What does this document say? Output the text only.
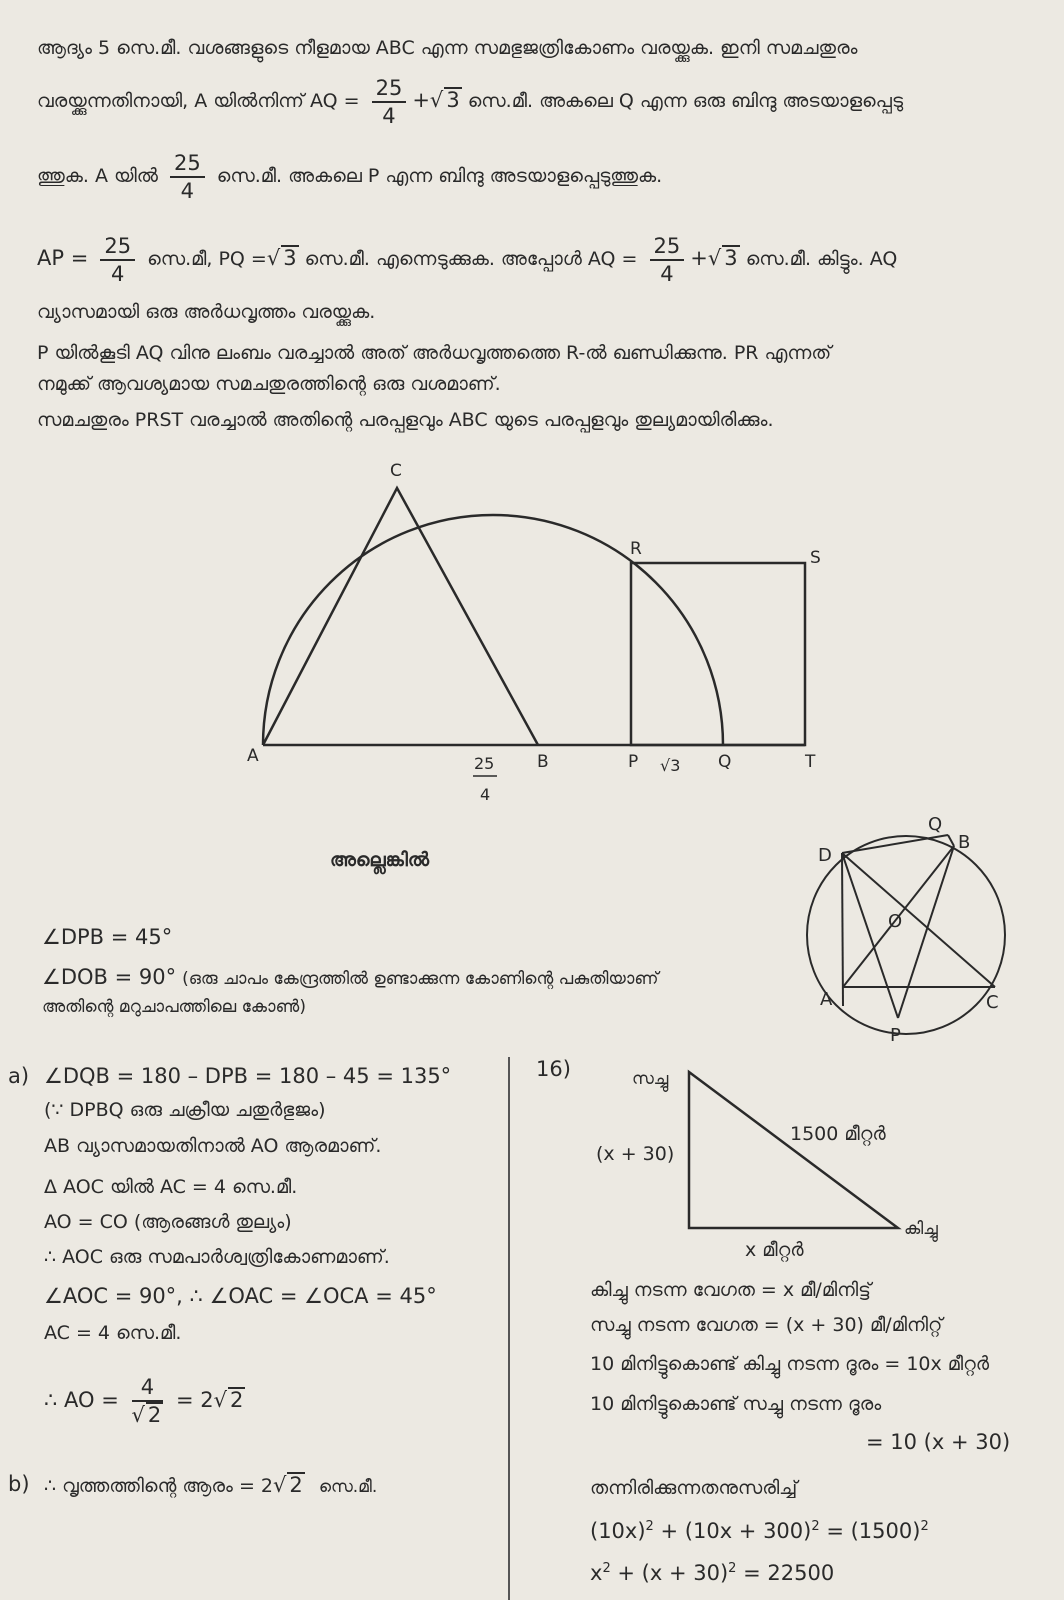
ആദ്യം 5 സെ.മീ. വശങ്ങളുടെ നീളമായ ABC എന്ന സമഭുജത്രികോണം വരയ്ക്കുക. ഇനി സമചതുരം
വരയ്ക്കുന്നതിനായി, A യിൽനിന്ന് AQ = $\frac{25}{4}$ +√ 3 സെ.മീ. അകലെ Q എന്ന ഒരു ബിന്ദു അടയാളപ്പെടു
ത്തുക. A യിൽ $\frac{25}{4}$ സെ.മീ. അകലെ P എന്ന ബിന്ദു അടയാളപ്പെടുത്തുക.
AP = $\frac{25}{4}$ സെ.മീ, PQ =√ 3 സെ.മീ. എന്നെടുക്കുക. അപ്പോൾ AQ = $\frac{25}{4}$ +√ 3 സെ.മീ. കിട്ടും. AQ
വ്യാസമായി ഒരു അർധവൃത്തം വരയ്ക്കുക.
P യിൽകൂടി AQ വിനു ലംബം വരച്ചാൽ അത് അർധവൃത്തത്തെ R-ൽ ഖണ്ഡിക്കുന്നു. PR എന്നത്
നമുക്ക് ആവശ്യമായ സമചതുരത്തിന്റെ ഒരു വശമാണ്.
സമചതുരം PRST വരച്ചാൽ അതിന്റെ പരപ്പളവും ABC യുടെ പരപ്പളവും തുല്യമായിരിക്കും.
C
A	B
R	S
P	Q	T
√3
25
4
അല്ലെങ്കിൽ
∠DPB = 45°
∠DOB = 90° (ഒരു ചാപം കേന്ദ്രത്തിൽ ഉണ്ടാക്കുന്ന കോണിന്റെ പകുതിയാണ്
അതിന്റെ മറുചാപത്തിലെ കോൺ)
Q
B
D
O
A	C
P
a) ∠DQB = 180 – DPB = 180 – 45 = 135°
(∵ DPBQ ഒരു ചക്രീയ ചതുർഭുജം)
AB വ്യാസമായതിനാൽ AO ആരമാണ്.
Δ AOC യിൽ AC = 4 സെ.മീ.
AO = CO (ആരങ്ങൾ തുല്യം)
∴ AOC ഒരു സമപാർശ്വത്രികോണമാണ്.
∠AOC = 90°, ∴ ∠OAC = ∠OCA = 45°
AC = 4 സെ.മീ.
∴ AO = $\frac{4}{√ 2} = 2√$ 2
b) ∴ വൃത്തത്തിന്റെ ആരം = 2√ 2 സെ.മീ.
16)	സച്ചു
കിച്ചു
1500 മീറ്റർ
(x + 30)
x മീറ്റർ
കിച്ചു നടന്ന വേഗത = x മീ/മിനിട്ട്
സച്ചു നടന്ന വേഗത = (x + 30) മീ/മിനിറ്റ്
10 മിനിട്ടുകൊണ്ട് കിച്ചു നടന്ന ദൂരം = 10x മീറ്റർ
10 മിനിട്ടുകൊണ്ട് സച്ചു നടന്ന ദൂരം
= 10 (x + 30)
തന്നിരിക്കുന്നതനുസരിച്ച്
$(10x)^2 + (10x + 300)^2 = (1500)^2$
$x^2 + (x + 30)^2 = 22500$
